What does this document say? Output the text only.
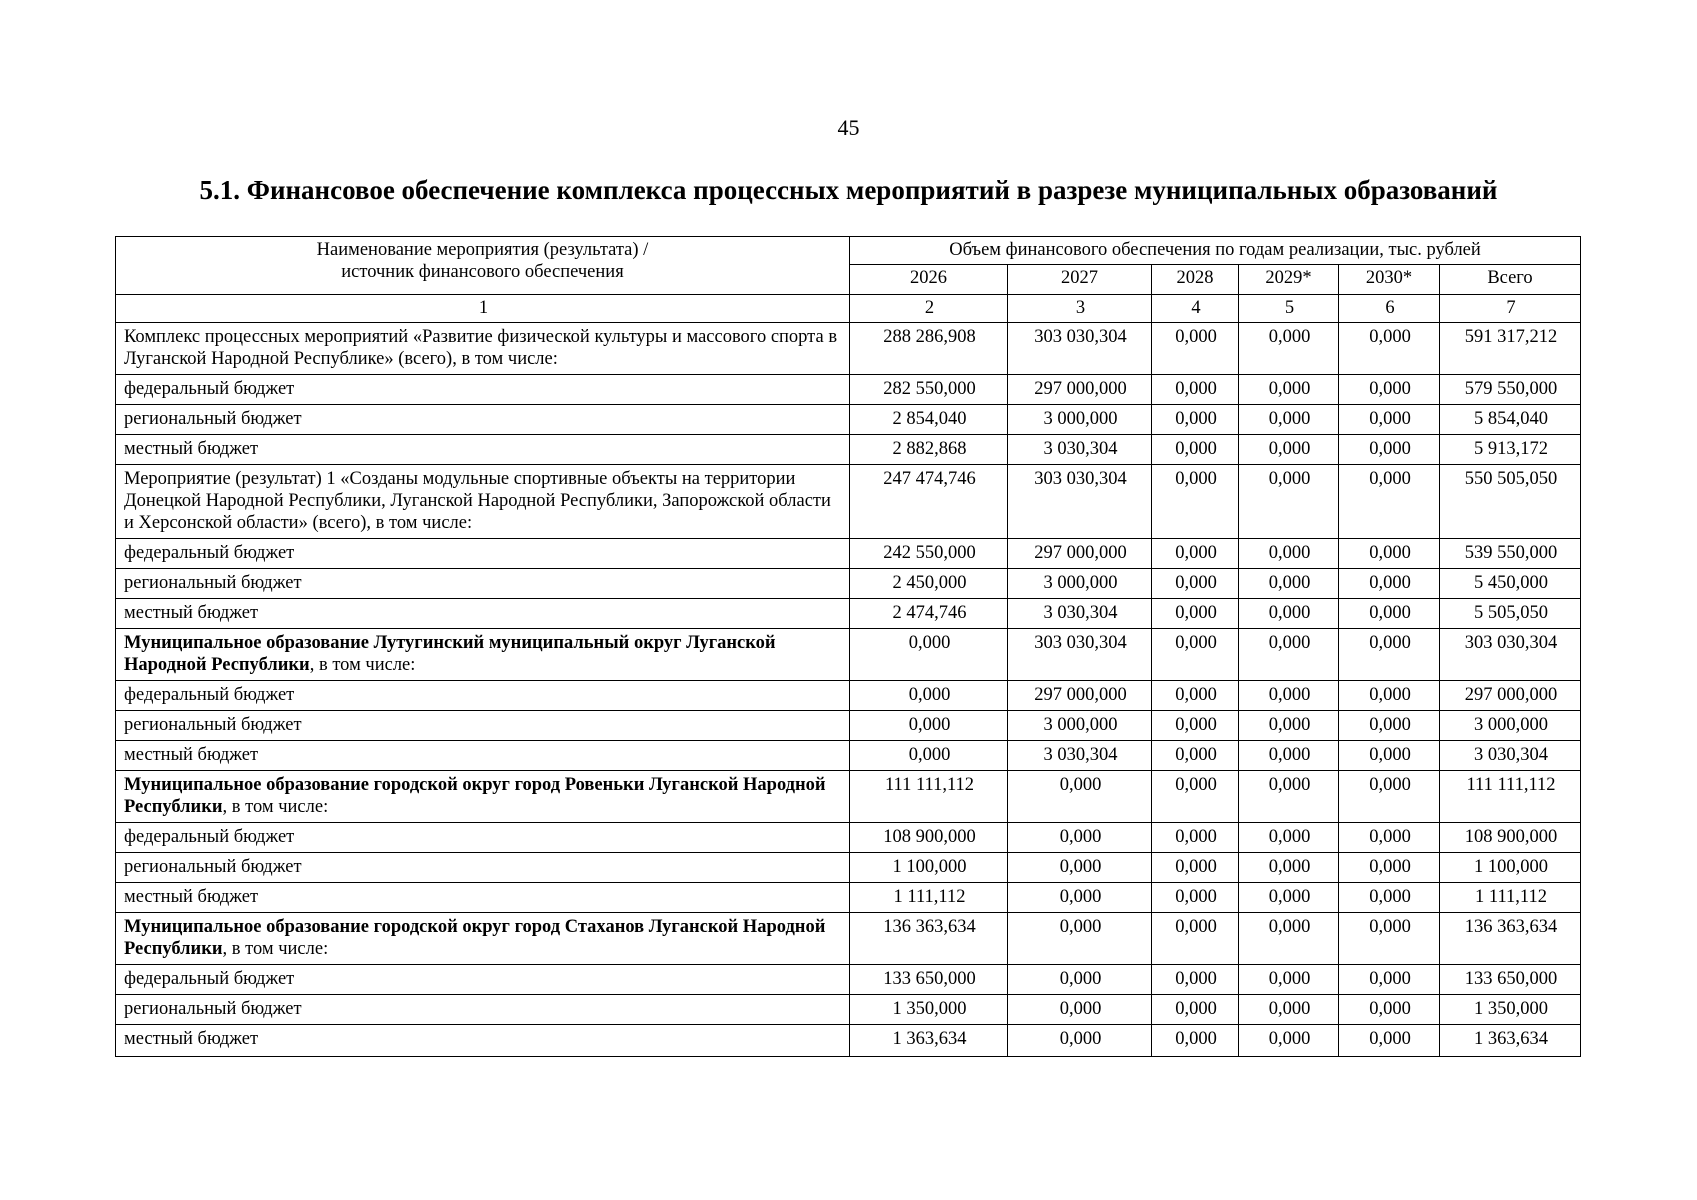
45
5.1. Финансовое обеспечение комплекса процессных мероприятий в разрезе муниципальных образований
Наименование мероприятия (результата) /
источник финансового обеспечения	Объем финансового обеспечения по годам реализации, тыс. рублей					
	2026	2027	2028	2029*	2030*	Всего
1	2	3	4	5	6	7
Комплекс процессных мероприятий «Развитие физической культуры и массового спорта в Луганской Народной Республике» (всего), в том числе:	288 286,908	303 030,304	0,000	0,000	0,000	591 317,212
федеральный бюджет	282 550,000	297 000,000	0,000	0,000	0,000	579 550,000
региональный бюджет	2 854,040	3 000,000	0,000	0,000	0,000	5 854,040
местный бюджет	2 882,868	3 030,304	0,000	0,000	0,000	5 913,172
Мероприятие (результат) 1 «Созданы модульные спортивные объекты на территории Донецкой Народной Республики, Луганской Народной Республики, Запорожской области и Херсонской области» (всего), в том числе:	247 474,746	303 030,304	0,000	0,000	0,000	550 505,050
федеральный бюджет	242 550,000	297 000,000	0,000	0,000	0,000	539 550,000
региональный бюджет	2 450,000	3 000,000	0,000	0,000	0,000	5 450,000
местный бюджет	2 474,746	3 030,304	0,000	0,000	0,000	5 505,050
Муниципальное образование Лутугинский муниципальный округ Луганской Народной Республики, в том числе:	0,000	303 030,304	0,000	0,000	0,000	303 030,304
федеральный бюджет	0,000	297 000,000	0,000	0,000	0,000	297 000,000
региональный бюджет	0,000	3 000,000	0,000	0,000	0,000	3 000,000
местный бюджет	0,000	3 030,304	0,000	0,000	0,000	3 030,304
Муниципальное образование городской округ город Ровеньки Луганской Народной Республики, в том числе:	111 111,112	0,000	0,000	0,000	0,000	111 111,112
федеральный бюджет	108 900,000	0,000	0,000	0,000	0,000	108 900,000
региональный бюджет	1 100,000	0,000	0,000	0,000	0,000	1 100,000
местный бюджет	1 111,112	0,000	0,000	0,000	0,000	1 111,112
Муниципальное образование городской округ город Стаханов Луганской Народной Республики, в том числе:	136 363,634	0,000	0,000	0,000	0,000	136 363,634
федеральный бюджет	133 650,000	0,000	0,000	0,000	0,000	133 650,000
региональный бюджет	1 350,000	0,000	0,000	0,000	0,000	1 350,000
местный бюджет	1 363,634	0,000	0,000	0,000	0,000	1 363,634
